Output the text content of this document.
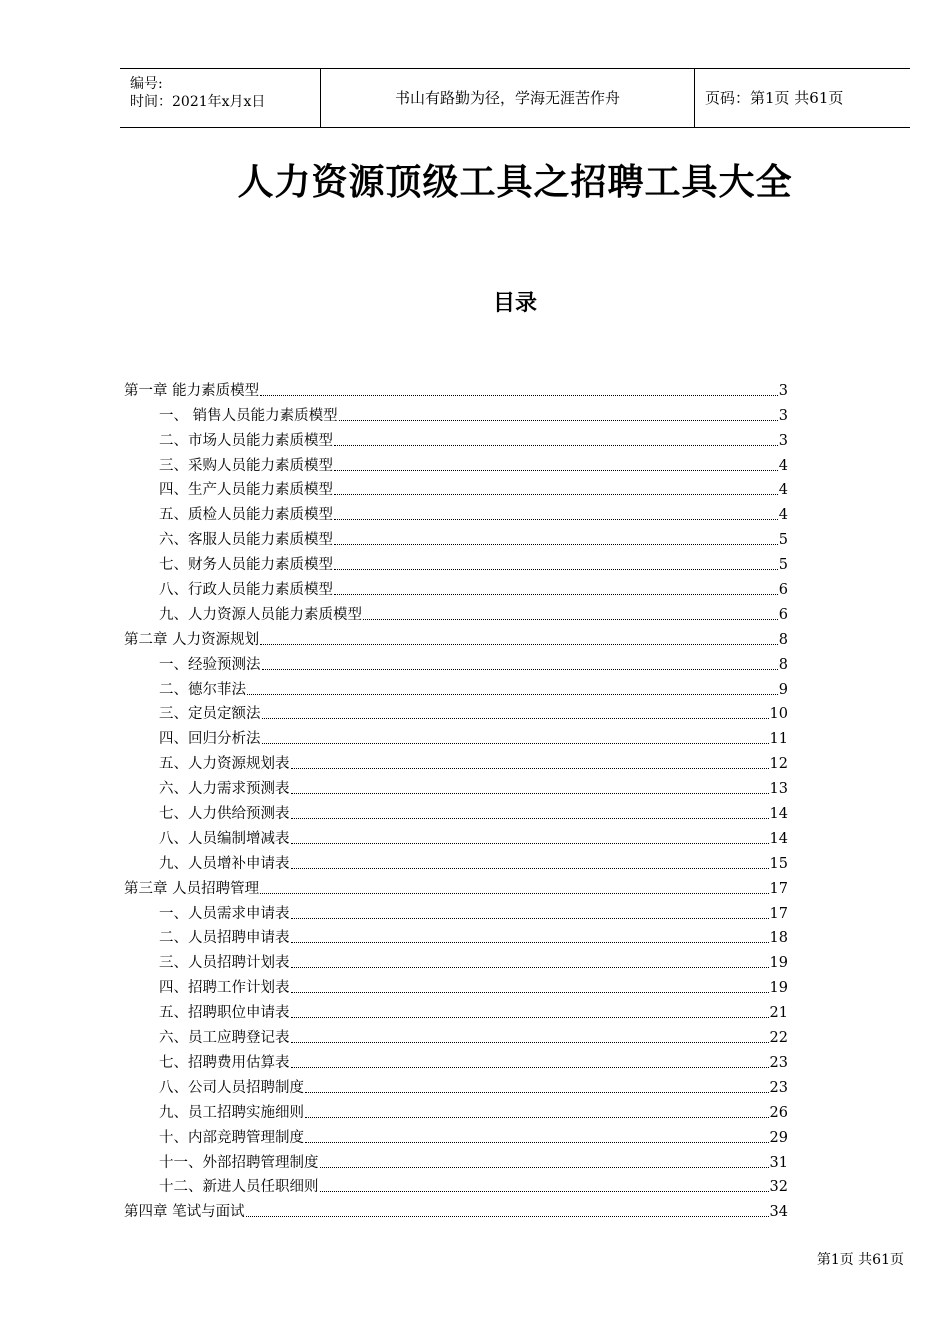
编号:
时间：2021年x月x日	书山有路勤为径，学海无涯苦作舟	页码：第1页 共61页
人力资源顶级工具之招聘工具大全
目录
第一章 能力素质模型	3
一、 销售人员能力素质模型	3
二、市场人员能力素质模型	3
三、采购人员能力素质模型	4
四、生产人员能力素质模型	4
五、质检人员能力素质模型	4
六、客服人员能力素质模型	5
七、财务人员能力素质模型	5
八、行政人员能力素质模型	6
九、人力资源人员能力素质模型	6
第二章 人力资源规划	8
一、经验预测法	8
二、德尔菲法	9
三、定员定额法	10
四、回归分析法	11
五、人力资源规划表	12
六、人力需求预测表	13
七、人力供给预测表	14
八、人员编制增减表	14
九、人员增补申请表	15
第三章 人员招聘管理	17
一、人员需求申请表	17
二、人员招聘申请表	18
三、人员招聘计划表	19
四、招聘工作计划表	19
五、招聘职位申请表	21
六、员工应聘登记表	22
七、招聘费用估算表	23
八、公司人员招聘制度	23
九、员工招聘实施细则	26
十、内部竞聘管理制度	29
十一、外部招聘管理制度	31
十二、新进人员任职细则	32
第四章 笔试与面试	34
第1页 共61页
